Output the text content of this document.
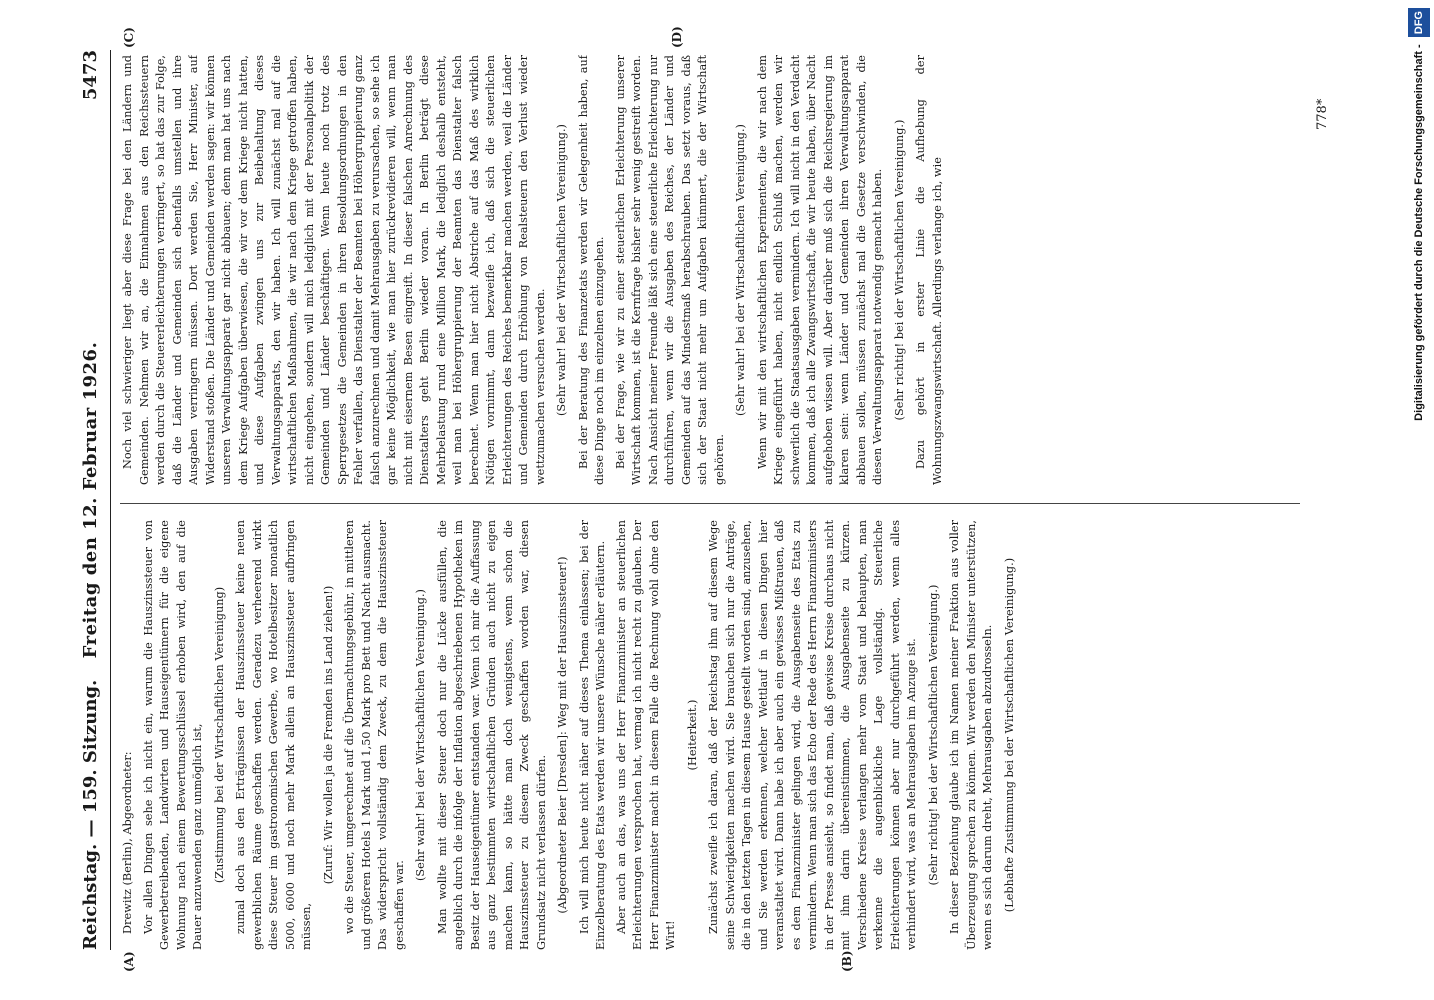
Reichstag. — 159. Sitzung.
Freitag den 12. Februar 1926.
5473
(A)	(B)
(C)	(D)

Drewitz (Berlin), Abgeordneter: Vor allen Dingen sehe ich nicht ein, warum die Hauszinssteuer von Gewerbetreibenden, Landwirten und Hauseigentümern für die eigene Wohnung nach einem Bewertungsschlüssel erhoben wird, den auf die Dauer anzuwenden ganz unmöglich ist, (Zustimmung bei der Wirtschaftlichen Vereinigung) zumal doch aus den Erträgnissen der Hauszinssteuer keine neuen gewerblichen Räume geschaffen werden. Geradezu verheerend wirkt diese Steuer im gastronomischen Gewerbe, wo Hotelbesitzer monatlich 5000, 6000 und noch mehr Mark allein an Hauszinssteuer aufbringen müssen,

(Zuruf: Wir wollen ja die Fremden ins Land ziehen!) wo die Steuer, umgerechnet auf die Übernachtungsgebühr, in mittleren und größeren Hotels 1 Mark und 1,50 Mark pro Bett und Nacht ausmacht. Das widerspricht vollständig dem Zweck, zu dem die Hauszinssteuer geschaffen war.

(Sehr wahr! bei der Wirtschaftlichen Vereinigung.) Man wollte mit dieser Steuer doch nur die Lücke ausfüllen, die angeblich durch die infolge der Inflation abgeschriebenen Hypotheken im Besitz der Hauseigentümer entstanden war. Wenn ich mir die Auffassung aus ganz bestimmten wirtschaftlichen Gründen auch nicht zu eigen machen kann, so hätte man doch wenigstens, wenn schon die Hauszinssteuer zu diesem Zweck geschaffen worden war, diesen Grundsatz nicht verlassen dürfen. (Abgeordneter Beier [Dresden]: Weg mit der Hauszinssteuer!) Ich will mich heute nicht näher auf dieses Thema einlassen; bei der Einzelberatung des Etats werden wir unsere Wünsche näher erläutern. Aber auch an das, was uns der Herr Finanzminister an steuerlichen Erleichterungen versprochen hat, vermag ich nicht recht zu glauben. Der Herr Finanzminister macht in diesem Falle die Rechnung wohl ohne den Wirt!

(Heiterkeit.) Zunächst zweifle ich daran, daß der Reichstag ihm auf diesem Wege seine Schwierigkeiten machen wird. Sie brauchen sich nur die Anträge, die in den letzten Tagen in diesem Hause gestellt worden sind, anzusehen, und Sie werden erkennen, welcher Wettlauf in diesen Dingen hier veranstaltet wird. Dann habe ich aber auch ein gewisses Mißtrauen, daß es dem Finanzminister gelingen wird, die Ausgabenseite des Etats zu vermindern. Wenn man sich das Echo der Rede des Herrn Finanzministers in der Presse ansieht, so findet man, daß gewisse Kreise durchaus nicht mit ihm darin übereinstimmen, die Ausgabenseite zu kürzen. Verschiedene Kreise verlangen mehr vom Staat und behaupten, man verkenne die augenblickliche Lage vollständig. Steuerliche Erleichterungen können aber nur durchgeführt werden, wenn alles verhindert wird, was an Mehrausgaben im Anzuge ist. (Sehr richtig! bei der Wirtschaftlichen Vereinigung.) In dieser Beziehung glaube ich im Namen meiner Fraktion aus voller Überzeugung sprechen zu können. Wir werden den Minister unterstützen, wenn es sich darum dreht, Mehrausgaben abzudrosseln. (Lebhafte Zustimmung bei der Wirtschaftlichen Vereinigung.)

Noch viel schwieriger liegt aber diese Frage bei den Ländern und Gemeinden. Nehmen wir an, die Einnahmen aus den Reichssteuern werden durch die Steuererleichterungen verringert, so hat das zur Folge, daß die Länder und Gemeinden sich ebenfalls umstellen und ihre Ausgaben verringern müssen. Dort werden Sie, Herr Minister, auf Widerstand stoßen. Die Länder und Gemeinden werden sagen: wir können unseren Verwaltungsapparat gar nicht abbauen; denn man hat uns nach dem Kriege Aufgaben überwiesen, die wir vor dem Kriege nicht hatten, und diese Aufgaben zwingen uns zur Beibehaltung dieses Verwaltungsapparats, den wir haben. Ich will zunächst mal auf die wirtschaftlichen Maßnahmen, die wir nach dem Kriege getroffen haben, nicht eingehen, sondern will mich lediglich mit der Personalpolitik der Gemeinden und Länder beschäftigen. Wenn heute noch trotz des Sperrgesetzes die Gemeinden in ihren Besoldungsordnungen in den Fehler verfallen, das Dienstalter der Beamten bei Höhergruppierung ganz falsch anzurechnen und damit Mehrausgaben zu verursachen, so sehe ich gar keine Möglichkeit, wie man hier zurückrevidieren will, wenn man nicht mit eisernem Besen eingreift. In dieser falschen Anrechnung des Dienstalters geht Berlin wieder voran. In Berlin beträgt diese Mehrbelastung rund eine Million Mark, die lediglich deshalb entsteht, weil man bei Höhergruppierung der Beamten das Dienstalter falsch berechnet. Wenn man hier nicht Abstriche auf das Maß des wirklich Nötigen vornimmt, dann bezweifle ich, daß sich die steuerlichen Erleichterungen des Reiches bemerkbar machen werden, weil die Länder und Gemeinden durch Erhöhung von Realsteuern den Verlust wieder wettzumachen versuchen werden. (Sehr wahr! bei der Wirtschaftlichen Vereinigung.) Bei der Beratung des Finanzetats werden wir Gelegenheit haben, auf diese Dinge noch im einzelnen einzugehen. Bei der Frage, wie wir zu einer steuerlichen Erleichterung unserer Wirtschaft kommen, ist die Kernfrage bisher sehr wenig gestreift worden. Nach Ansicht meiner Freunde läßt sich eine steuerliche Erleichterung nur durchführen, wenn wir die Ausgaben des Reiches, der Länder und Gemeinden auf das Mindestmaß herabschrauben. Das setzt voraus, daß sich der Staat nicht mehr um Aufgaben kümmert, die der Wirtschaft gehören.

(Sehr wahr! bei der Wirtschaftlichen Vereinigung.) Wenn wir mit den wirtschaftlichen Experimenten, die wir nach dem Kriege eingeführt haben, nicht endlich Schluß machen, werden wir schwerlich die Staatsausgaben vermindern. Ich will nicht in den Verdacht kommen, daß ich alle Zwangswirtschaft, die wir heute haben, über Nacht aufgehoben wissen will. Aber darüber muß sich die Reichsregierung im klaren sein: wenn Länder und Gemeinden ihren Verwaltungsapparat abbauen sollen, müssen zunächst mal die Gesetze verschwinden, die diesen Verwaltungsapparat notwendig gemacht haben. (Sehr richtig! bei der Wirtschaftlichen Vereinigung.) Dazu gehört in erster Linie die Aufhebung der Wohnungszwangswirtschaft. Allerdings verlange ich, wie

778*	Digitalisierung gefördert durch die Deutsche Forschungsgemeinschaft - DFG
